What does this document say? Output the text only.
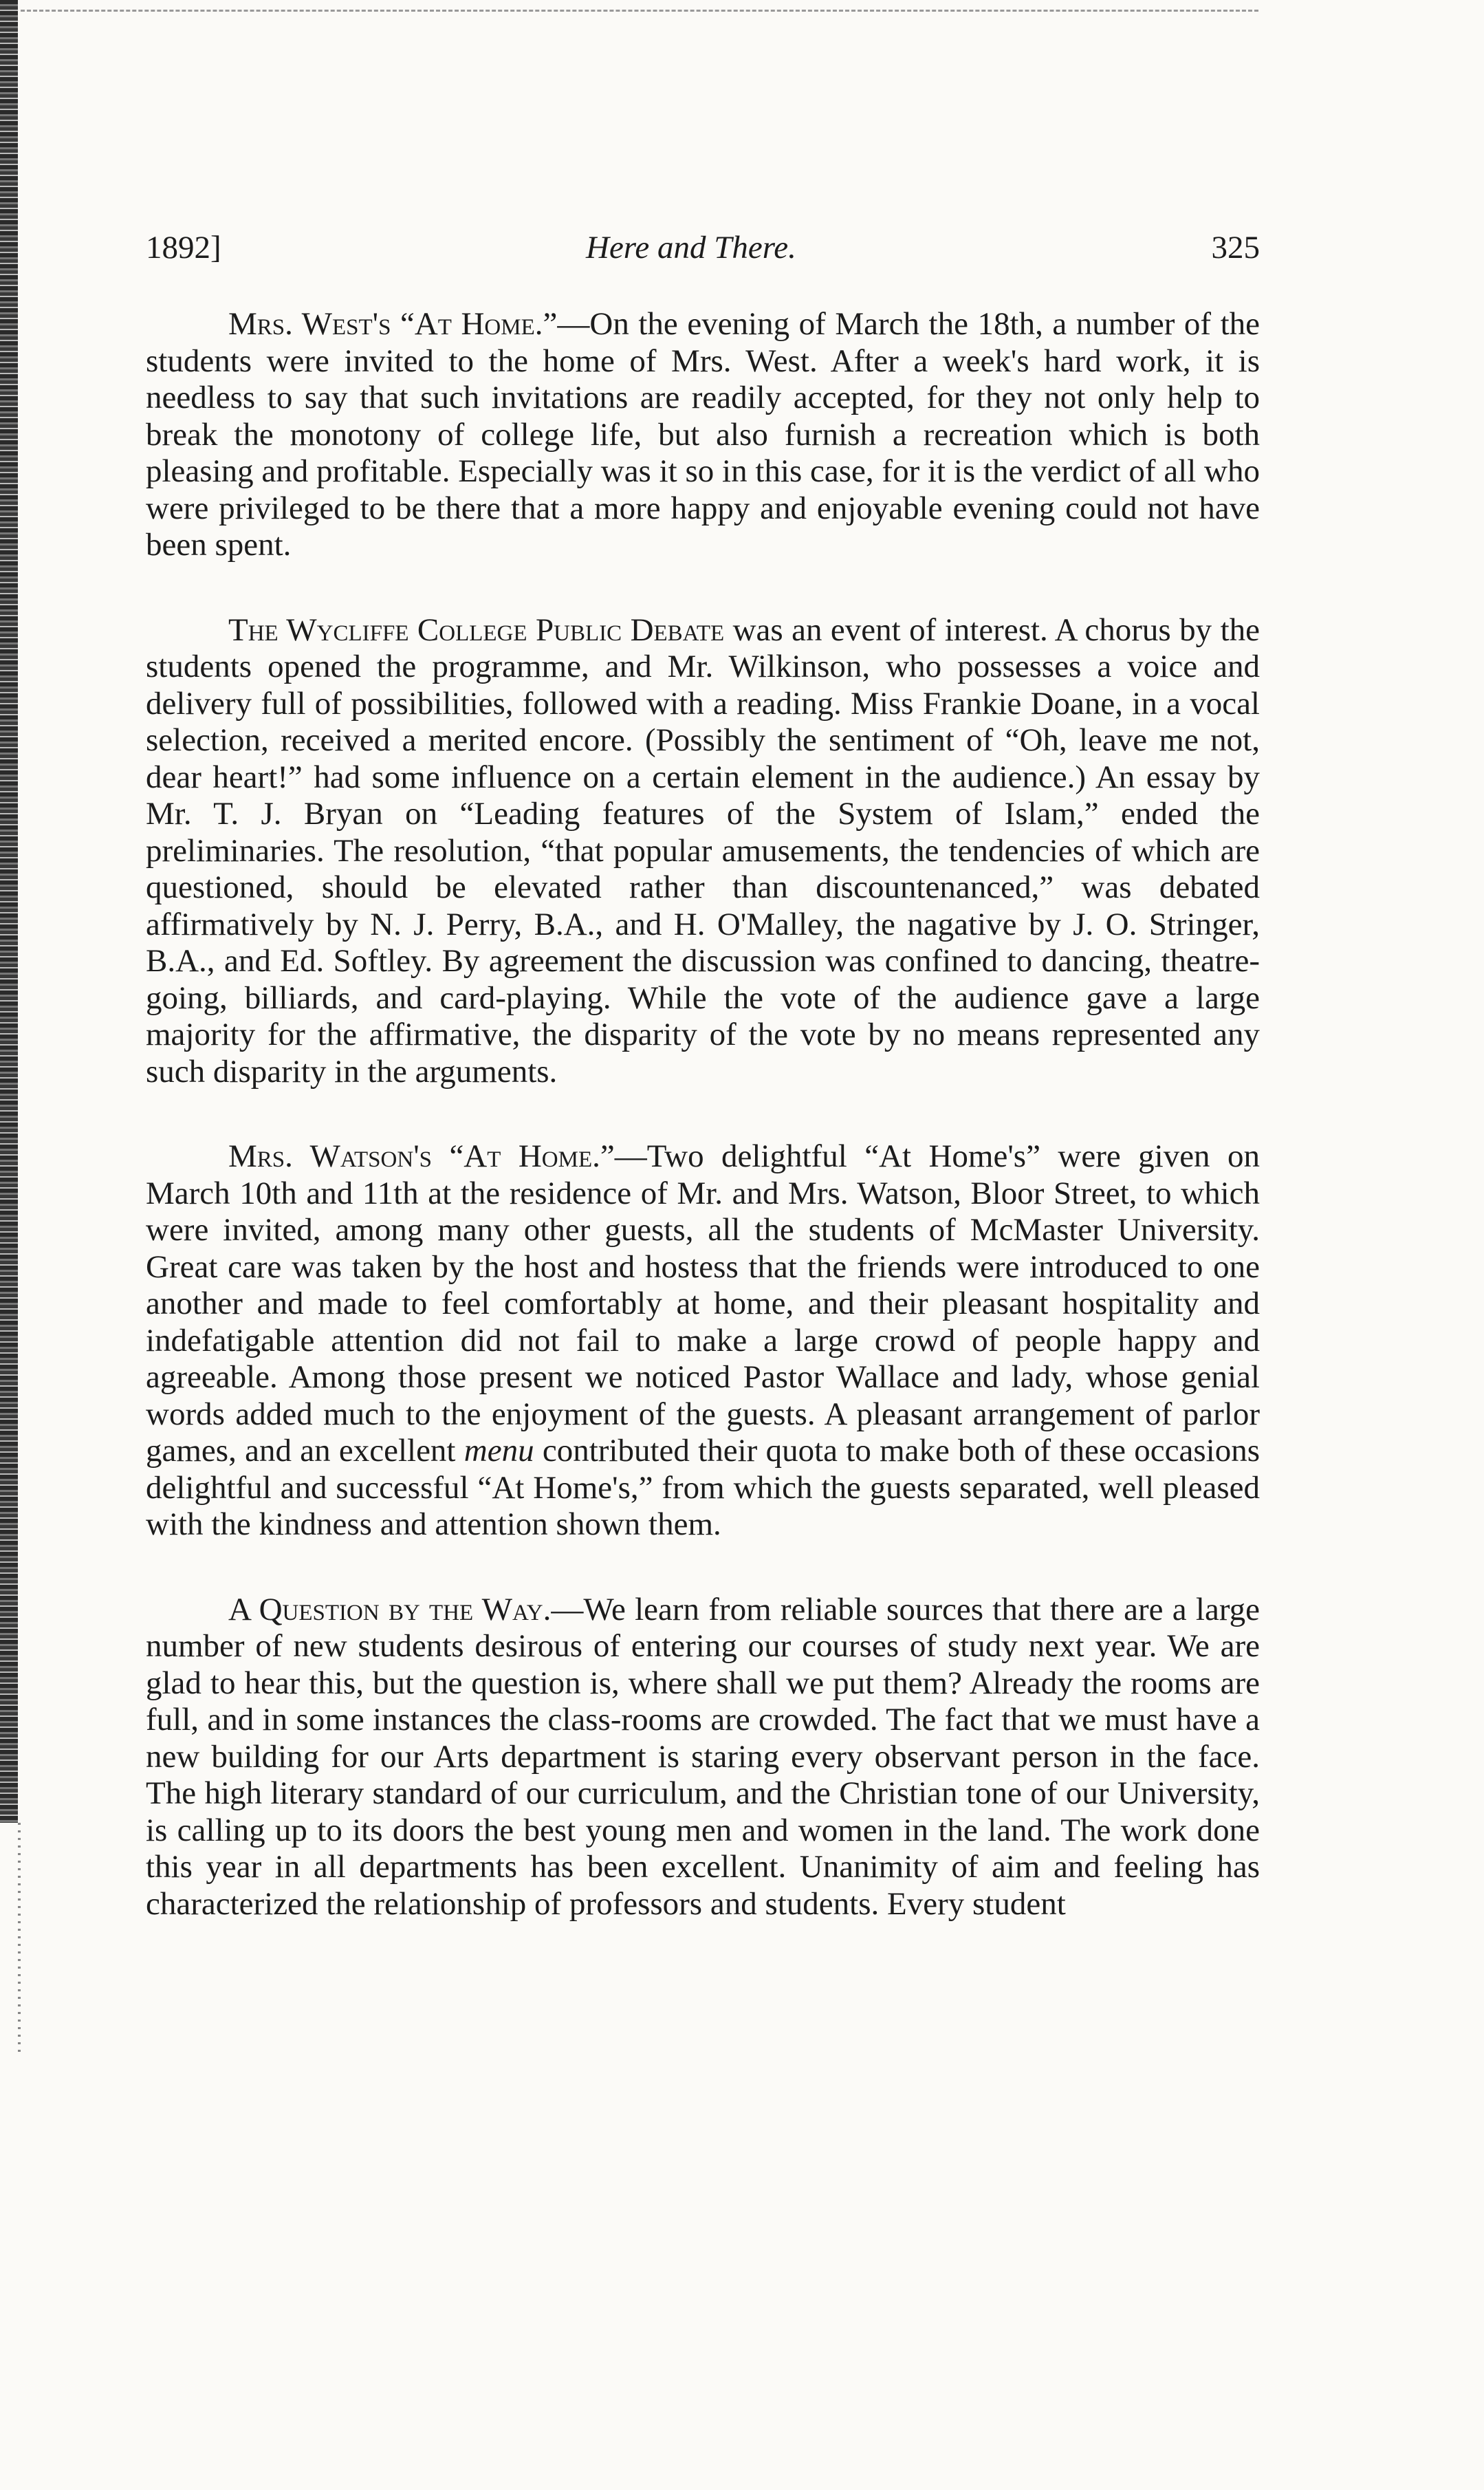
1892]	Here and There.	325

Mrs. West's “At Home.”—On the evening of March the 18th, a number of the students were invited to the home of Mrs. West. After a week's hard work, it is needless to say that such invitations are readily accepted, for they not only help to break the monotony of college life, but also furnish a recreation which is both pleasing and profitable. Especially was it so in this case, for it is the verdict of all who were privileged to be there that a more happy and enjoyable evening could not have been spent.

The Wycliffe College Public Debate was an event of interest. A chorus by the students opened the programme, and Mr. Wilkinson, who possesses a voice and delivery full of possibilities, followed with a reading. Miss Frankie Doane, in a vocal selection, received a merited encore. (Possibly the sentiment of “Oh, leave me not, dear heart!” had some influence on a certain element in the audience.) An essay by Mr. T. J. Bryan on “Leading features of the System of Islam,” ended the preliminaries. The resolution, “that popular amusements, the tendencies of which are questioned, should be elevated rather than discountenanced,” was debated affirmatively by N. J. Perry, B.A., and H. O'Malley, the nagative by J. O. Stringer, B.A., and Ed. Softley. By agreement the discussion was confined to dancing, theatre-going, billiards, and card-playing. While the vote of the audience gave a large majority for the affirmative, the disparity of the vote by no means represented any such disparity in the arguments.

Mrs. Watson's “At Home.”—Two delightful “At Home's” were given on March 10th and 11th at the residence of Mr. and Mrs. Watson, Bloor Street, to which were invited, among many other guests, all the students of McMaster University. Great care was taken by the host and hostess that the friends were introduced to one another and made to feel comfortably at home, and their pleasant hospitality and indefatigable attention did not fail to make a large crowd of people happy and agreeable. Among those present we noticed Pastor Wallace and lady, whose genial words added much to the enjoyment of the guests. A pleasant arrangement of parlor games, and an excellent menu contributed their quota to make both of these occasions delightful and successful “At Home's,” from which the guests separated, well pleased with the kindness and attention shown them.

A Question by the Way.—We learn from reliable sources that there are a large number of new students desirous of entering our courses of study next year. We are glad to hear this, but the question is, where shall we put them? Already the rooms are full, and in some instances the class-rooms are crowded. The fact that we must have a new building for our Arts department is staring every observant person in the face. The high literary standard of our curriculum, and the Christian tone of our University, is calling up to its doors the best young men and women in the land. The work done this year in all departments has been excellent. Unanimity of aim and feeling has characterized the relationship of professors and students. Every student
